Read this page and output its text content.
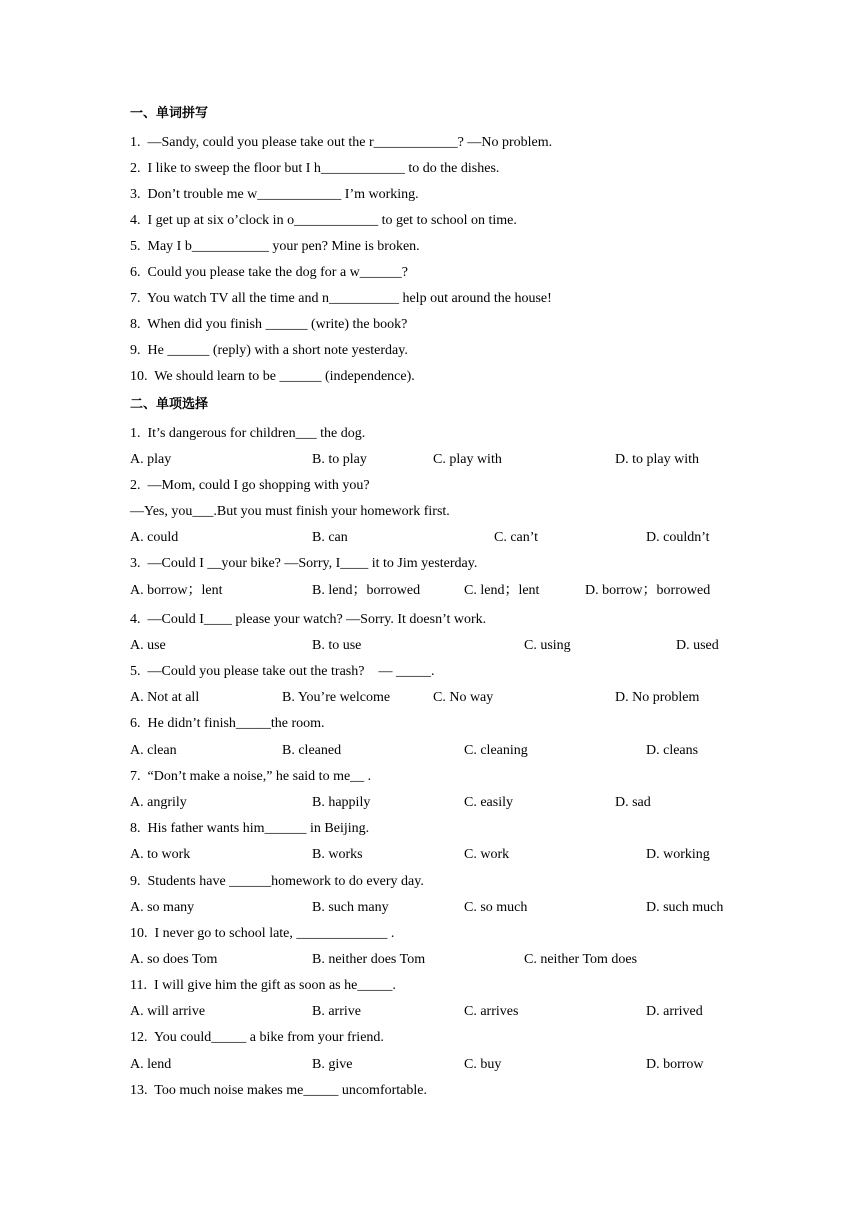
一、单词拼写
1.  —Sandy, could you please take out the r____________? —No problem.
2.  I like to sweep the floor but I h____________ to do the dishes.
3.  Don’t trouble me w____________ I’m working.
4.  I get up at six o’clock in o____________ to get to school on time.
5.  May I b___________ your pen? Mine is broken.
6.  Could you please take the dog for a w______?
7.  You watch TV all the time and n__________ help out around the house!
8.  When did you finish ______ (write) the book?
9.  He ______ (reply) with a short note yesterday.
10.  We should learn to be ______ (independence).
二、单项选择
1.  It’s dangerous for children___ the dog.
A. play	B. to play	C. play with	D. to play with
2.  —Mom, could I go shopping with you?
—Yes, you___.But you must finish your homework first.
A. could	B. can	C. can’t	D. couldn’t
3.  —Could I __your bike? —Sorry, I____ it to Jim yesterday.
A. borrow；lent	B. lend；borrowed	C. lend；lent	D. borrow；borrowed
4.  —Could I____ please your watch? —Sorry. It doesn’t work.
A. use	B. to use	C. using	D. used
5.  —Could you please take out the trash?    — _____.
A. Not at all	B. You’re welcome	C. No way	D. No problem
6.  He didn’t finish_____the room.
A. clean	B. cleaned	C. cleaning	D. cleans
7.  “Don’t make a noise,” he said to me__ .
A. angrily	B. happily	C. easily	D. sad
8.  His father wants him______ in Beijing.
A. to work	B. works	C. work	D. working
9.  Students have ______homework to do every day.
A. so many	B. such many	C. so much	D. such much
10.  I never go to school late, _____________ .
A. so does Tom	B. neither does Tom	C. neither Tom does
11.  I will give him the gift as soon as he_____.
A. will arrive	B. arrive	C. arrives	D. arrived
12.  You could_____ a bike from your friend.
A. lend	B. give	C. buy	D. borrow
13.  Too much noise makes me_____ uncomfortable.
